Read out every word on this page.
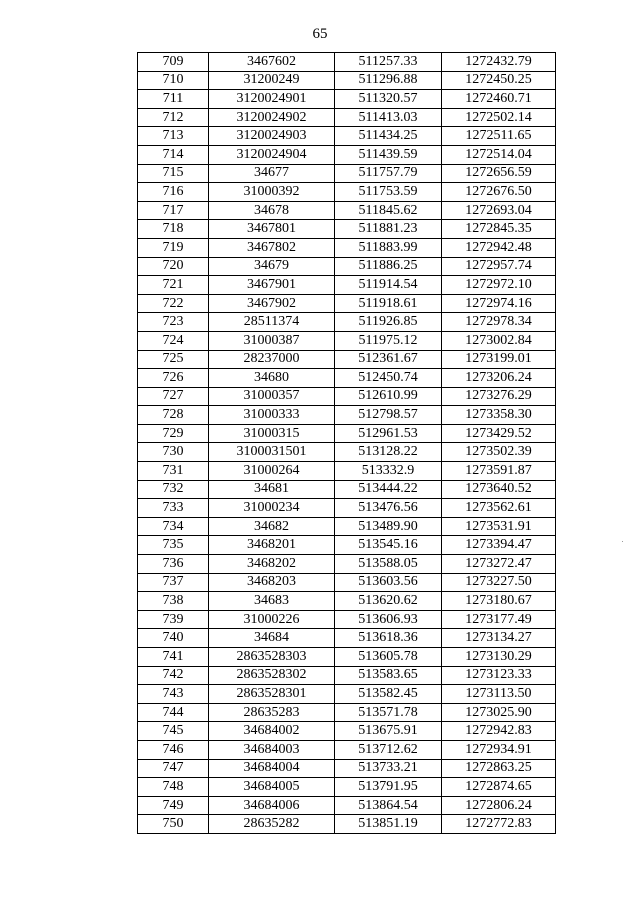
65
709	3467602	511257.33	1272432.79
710	31200249	511296.88	1272450.25
711	3120024901	511320.57	1272460.71
712	3120024902	511413.03	1272502.14
713	3120024903	511434.25	1272511.65
714	3120024904	511439.59	1272514.04
715	34677	511757.79	1272656.59
716	31000392	511753.59	1272676.50
717	34678	511845.62	1272693.04
718	3467801	511881.23	1272845.35
719	3467802	511883.99	1272942.48
720	34679	511886.25	1272957.74
721	3467901	511914.54	1272972.10
722	3467902	511918.61	1272974.16
723	28511374	511926.85	1272978.34
724	31000387	511975.12	1273002.84
725	28237000	512361.67	1273199.01
726	34680	512450.74	1273206.24
727	31000357	512610.99	1273276.29
728	31000333	512798.57	1273358.30
729	31000315	512961.53	1273429.52
730	3100031501	513128.22	1273502.39
731	31000264	513332.9	1273591.87
732	34681	513444.22	1273640.52
733	31000234	513476.56	1273562.61
734	34682	513489.90	1273531.91
735	3468201	513545.16	1273394.47
736	3468202	513588.05	1273272.47
737	3468203	513603.56	1273227.50
738	34683	513620.62	1273180.67
739	31000226	513606.93	1273177.49
740	34684	513618.36	1273134.27
741	2863528303	513605.78	1273130.29
742	2863528302	513583.65	1273123.33
743	2863528301	513582.45	1273113.50
744	28635283	513571.78	1273025.90
745	34684002	513675.91	1272942.83
746	34684003	513712.62	1272934.91
747	34684004	513733.21	1272863.25
748	34684005	513791.95	1272874.65
749	34684006	513864.54	1272806.24
750	28635282	513851.19	1272772.83
